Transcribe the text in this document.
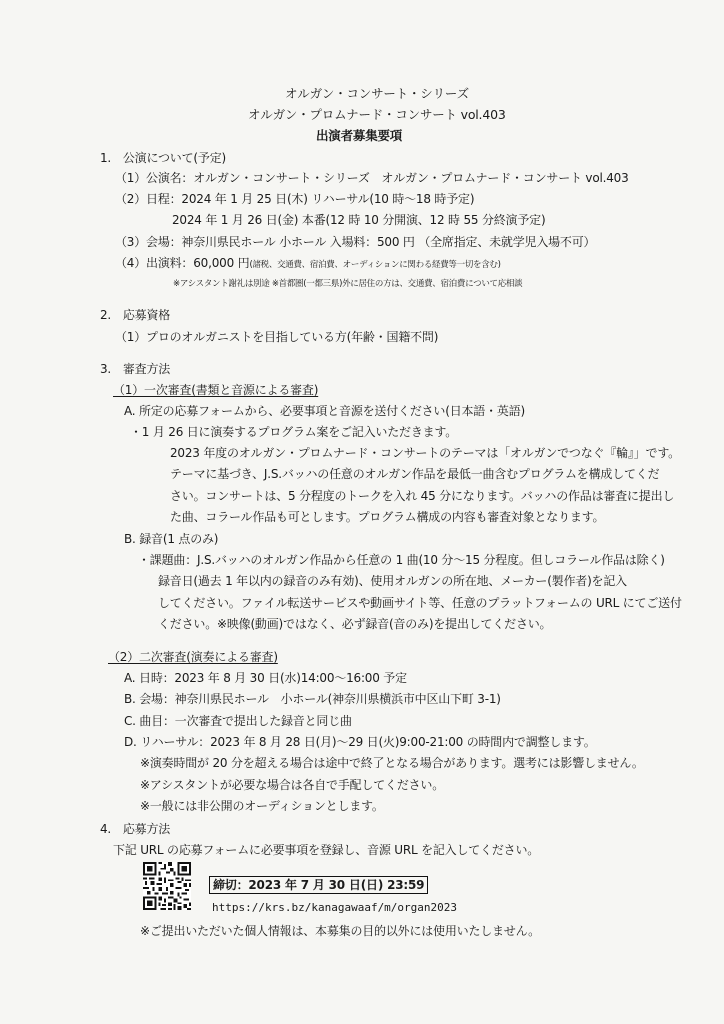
オルガン・コンサート・シリーズ
オルガン・プロムナード・コンサート vol.403
出演者募集要項
1.　公演について(予定)
（1）公演名：オルガン・コンサート・シリーズ　オルガン・プロムナード・コンサート vol.403
（2）日程：2024 年 1 月 25 日(木) リハーサル(10 時〜18 時予定)
2024 年 1 月 26 日(金) 本番(12 時 10 分開演、12 時 55 分終演予定)
（3）会場：神奈川県民ホール 小ホール 入場料：500 円 （全席指定、未就学児入場不可）
（4）出演料：60,000 円(諸税、交通費、宿泊費、オーディションに関わる経費等一切を含む)
※アシスタント謝礼は別途 ※首都圏(一都三県)外に居住の方は、交通費、宿泊費について応相談
2.　応募資格
（1）プロのオルガニストを目指している方(年齢・国籍不問)
3.　審査方法
（1）一次審査(書類と音源による審査)
A. 所定の応募フォームから、必要事項と音源を送付ください(日本語・英語)
・1 月 26 日に演奏するプログラム案をご記入いただきます。
2023 年度のオルガン・プロムナード・コンサートのテーマは「オルガンでつなぐ『輪』」です。
テーマに基づき、J.S.バッハの任意のオルガン作品を最低一曲含むプログラムを構成してくだ
さい。コンサートは、5 分程度のトークを入れ 45 分になります。バッハの作品は審査に提出し
た曲、コラール作品も可とします。プログラム構成の内容も審査対象となります。
B. 録音(1 点のみ)
・課題曲：J.S.バッハのオルガン作品から任意の 1 曲(10 分〜15 分程度。但しコラール作品は除く)
録音日(過去 1 年以内の録音のみ有効)、使用オルガンの所在地、メーカー(製作者)を記入
してください。ファイル転送サービスや動画サイト等、任意のプラットフォームの URL にてご送付
ください。※映像(動画)ではなく、必ず録音(音のみ)を提出してください。
（2）二次審査(演奏による審査)
A. 日時：2023 年 8 月 30 日(水)14:00〜16:00 予定
B. 会場：神奈川県民ホール　小ホール(神奈川県横浜市中区山下町 3-1)
C. 曲目：一次審査で提出した録音と同じ曲
D. リハーサル：2023 年 8 月 28 日(月)〜29 日(火)9:00-21:00 の時間内で調整します。
※演奏時間が 20 分を超える場合は途中で終了となる場合があります。選考には影響しません。
※アシスタントが必要な場合は各自で手配してください。
※一般には非公開のオーディションとします。
4.　応募方法
下記 URL の応募フォームに必要事項を登録し、音源 URL を記入してください。
締切：2023 年 7 月 30 日(日) 23:59
https://krs.bz/kanagawaaf/m/organ2023
※ご提出いただいた個人情報は、本募集の目的以外には使用いたしません。
